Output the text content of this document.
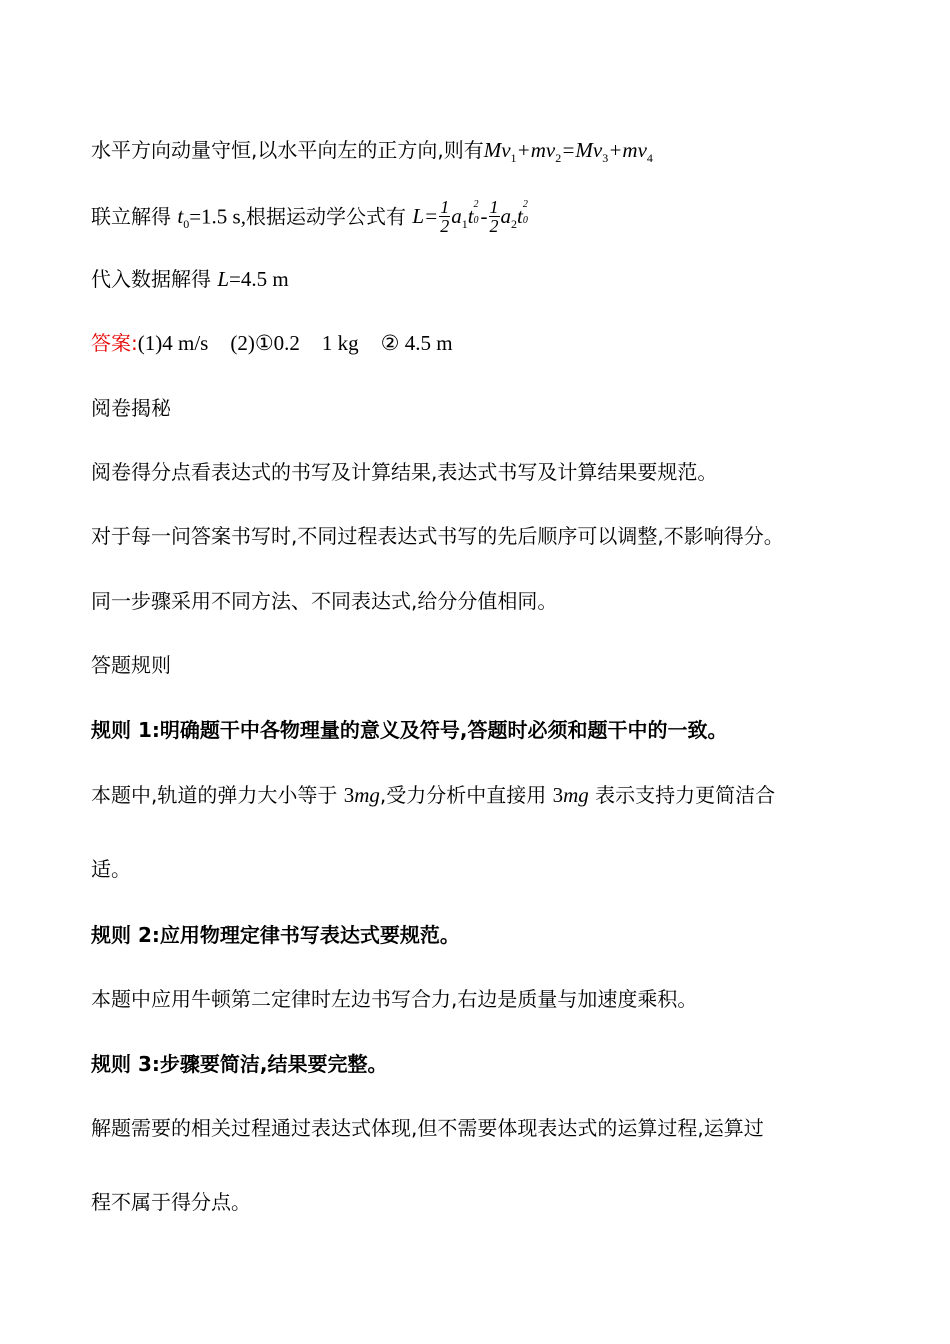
水平方向动量守恒,以水平向左的正方向,则有$Mv_1+mv_2=Mv_3+mv_4$
联立解得 $t_0=1.5$ s,根据运动学公式有 $L= \frac{1}{2} a_1t$ 2
$0 - \frac{1}{2} a_2t$ 2
0
代入数据解得 L=4.5 m
答案:(1)4 m/s (2)①0.2 1 kg ② 4.5 m
阅卷揭秘
阅卷得分点看表达式的书写及计算结果,表达式书写及计算结果要规范。
对于每一问答案书写时,不同过程表达式书写的先后顺序可以调整,不影响得分。
同一步骤采用不同方法、不同表达式,给分分值相同。
答题规则
规则 1:明确题干中各物理量的意义及符号,答题时必须和题干中的一致。
本题中,轨道的弹力大小等于 3mg,受力分析中直接用 3mg 表示支持力更简洁合
适。
规则 2:应用物理定律书写表达式要规范。
本题中应用牛顿第二定律时左边书写合力,右边是质量与加速度乘积。
规则 3:步骤要简洁,结果要完整。
解题需要的相关过程通过表达式体现,但不需要体现表达式的运算过程,运算过
程不属于得分点。
